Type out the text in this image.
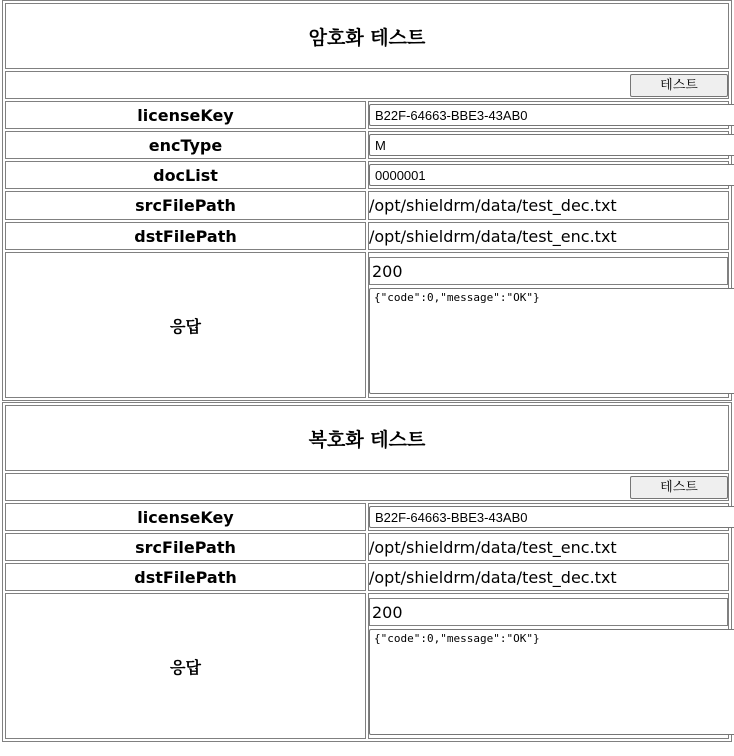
암호화 테스트	
테스트	
licenseKey	B22F-64663-BBE3-43AB0
encType	M
docList	0000001
srcFilePath	/opt/shieldrm/data/test_dec.txt
dstFilePath	/opt/shieldrm/data/test_enc.txt
응답	200
{"code":0,"message":"OK"}
복호화 테스트	
테스트	
licenseKey	B22F-64663-BBE3-43AB0
srcFilePath	/opt/shieldrm/data/test_enc.txt
dstFilePath	/opt/shieldrm/data/test_dec.txt
응답	200
{"code":0,"message":"OK"}
